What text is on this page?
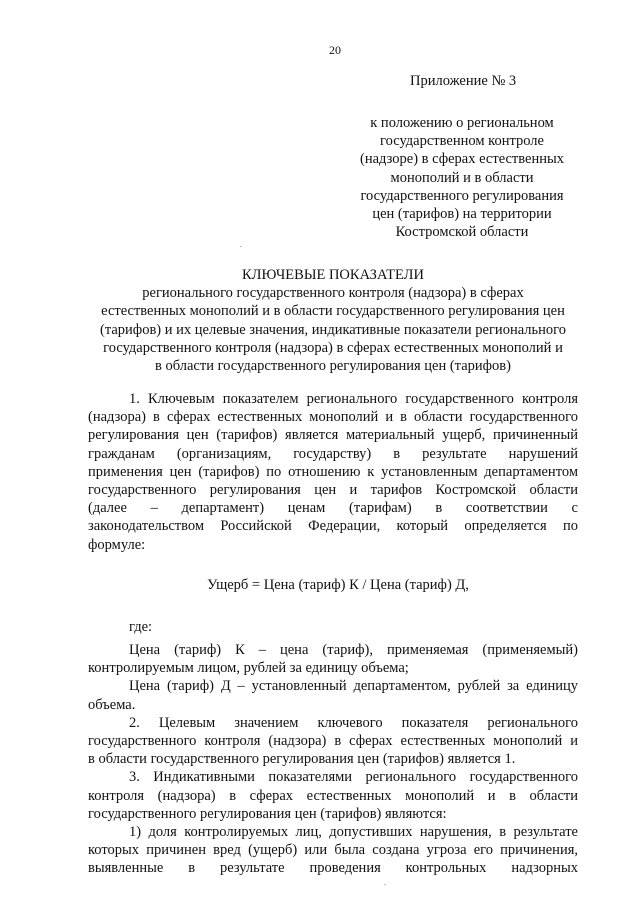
20
Приложение № 3
к положению о региональном
государственном контроле
(надзоре) в сферах естественных
монополий и в области
государственного регулирования
цен (тарифов) на территории
Костромской области
КЛЮЧЕВЫЕ ПОКАЗАТЕЛИ
регионального государственного контроля (надзора) в сферах
естественных монополий и в области государственного регулирования цен
(тарифов) и их целевые значения, индикативные показатели регионального
государственного контроля (надзора) в сферах естественных монополий и
в области государственного регулирования цен (тарифов)

1. Ключевым показателем регионального государственного контроля
(надзора) в сферах естественных монополий и в области государственного
регулирования цен (тарифов) является материальный ущерб, причиненный
гражданам (организациям, государству) в результате нарушений
применения цен (тарифов) по отношению к установленным департаментом
государственного регулирования цен и тарифов Костромской области
(далее – департамент) ценам (тарифам) в соответствии с
законодательством Российской Федерации, который определяется по
формуле:

Ущерб = Цена (тариф) К / Цена (тариф) Д,
где:

Цена (тариф) К – цена (тариф), применяемая (применяемый)
контролируемым лицом, рублей за единицу объема;

Цена (тариф) Д – установленный департаментом, рублей за единицу
объема.

2. Целевым значением ключевого показателя регионального
государственного контроля (надзора) в сферах естественных монополий и
в области государственного регулирования цен (тарифов) является 1.

3. Индикативными показателями регионального государственного
контроля (надзора) в сферах естественных монополий и в области
государственного регулирования цен (тарифов) являются:

1) доля контролируемых лиц, допустивших нарушения, в результате
которых причинен вред (ущерб) или была создана угроза его причинения,
выявленные в результате проведения контрольных надзорных
